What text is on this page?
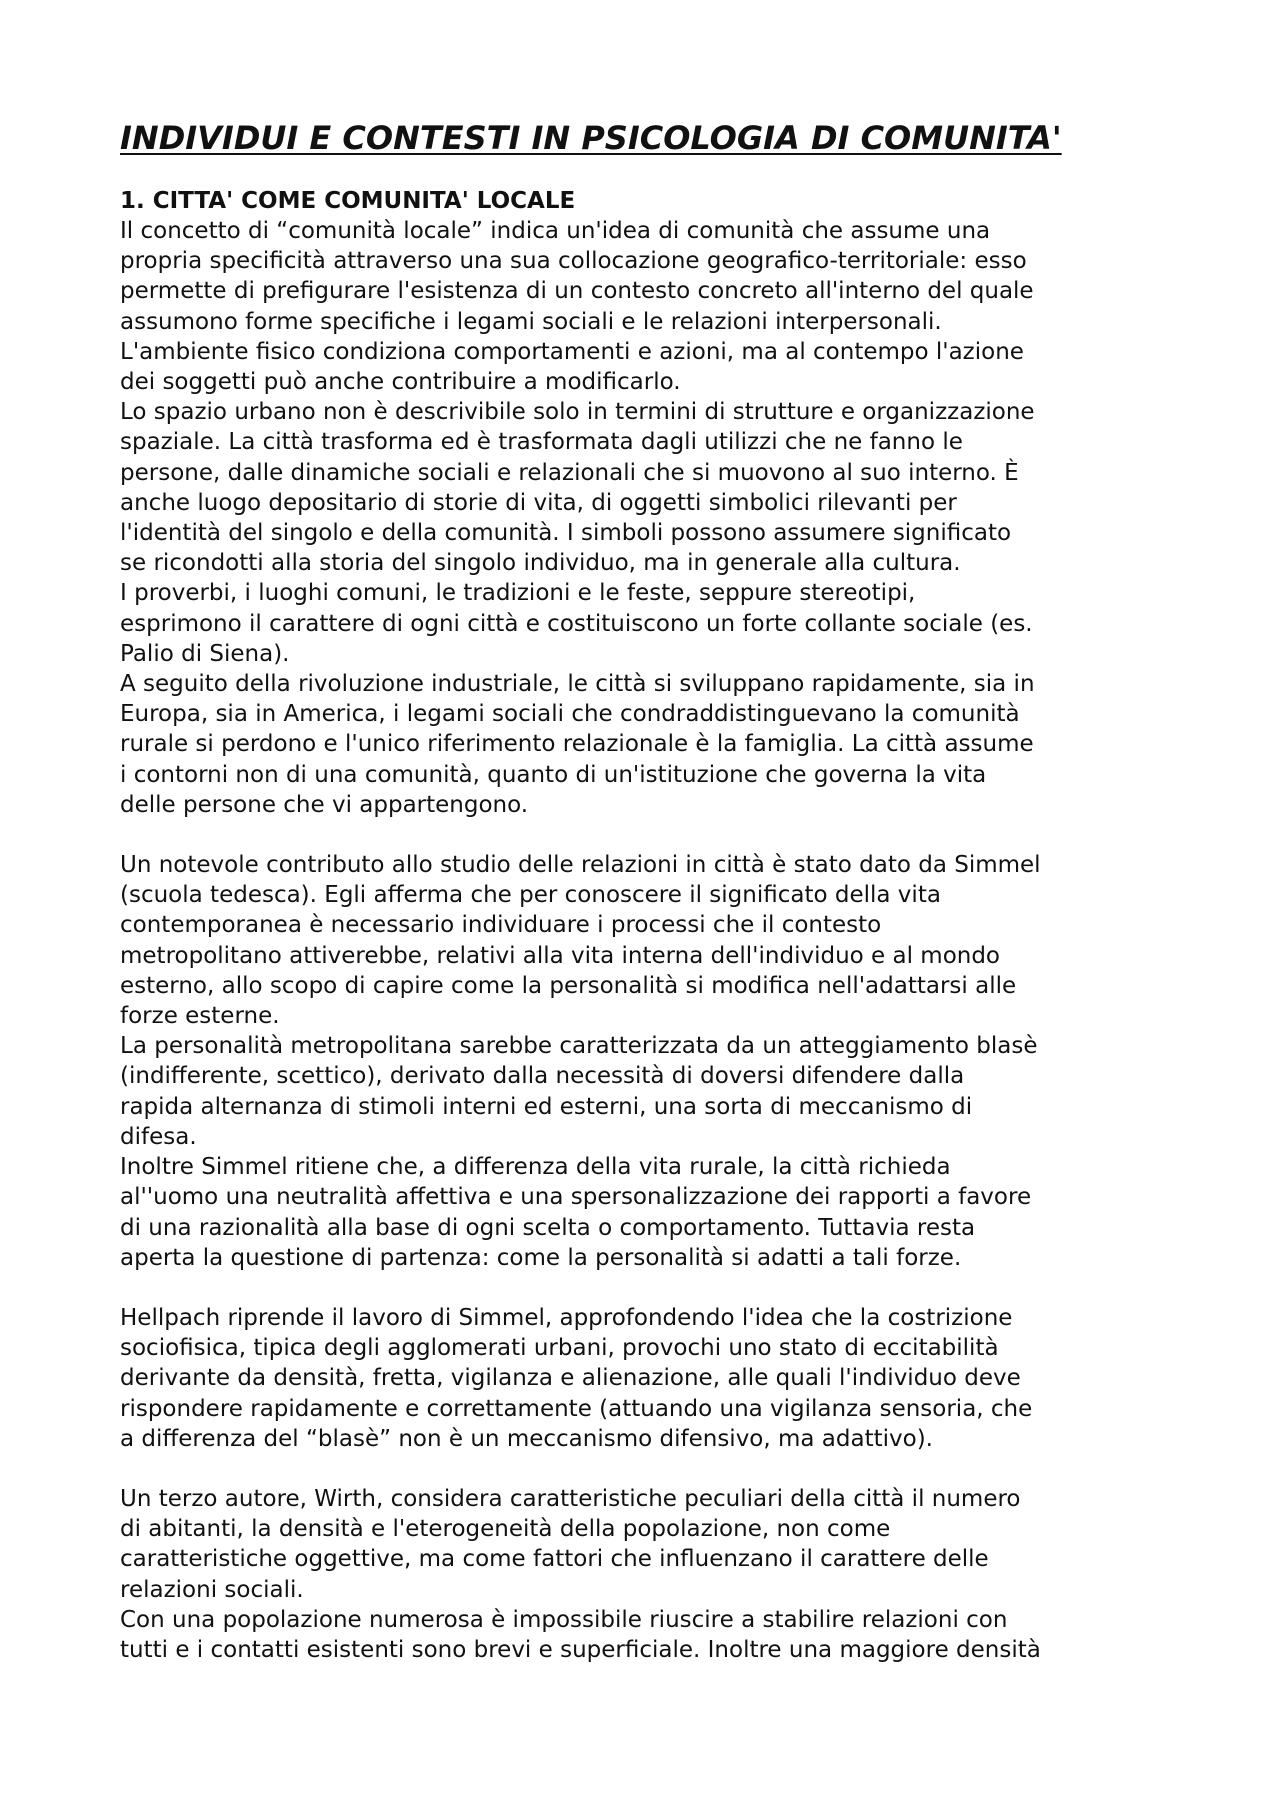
INDIVIDUI E CONTESTI IN PSICOLOGIA DI COMUNITA'
1. CITTA' COME COMUNITA' LOCALE

Il concetto di “comunità locale” indica un'idea di comunità che assume una
propria specificità attraverso una sua collocazione geografico-territoriale: esso
permette di prefigurare l'esistenza di un contesto concreto all'interno del quale
assumono forme specifiche i legami sociali e le relazioni interpersonali.

L'ambiente fisico condiziona comportamenti e azioni, ma al contempo l'azione
dei soggetti può anche contribuire a modificarlo.

Lo spazio urbano non è descrivibile solo in termini di strutture e organizzazione
spaziale. La città trasforma ed è trasformata dagli utilizzi che ne fanno le
persone, dalle dinamiche sociali e relazionali che si muovono al suo interno. È
anche luogo depositario di storie di vita, di oggetti simbolici rilevanti per
l'identità del singolo e della comunità. I simboli possono assumere significato
se ricondotti alla storia del singolo individuo, ma in generale alla cultura.

I proverbi, i luoghi comuni, le tradizioni e le feste, seppure stereotipi,
esprimono il carattere di ogni città e costituiscono un forte collante sociale (es.
Palio di Siena).

A seguito della rivoluzione industriale, le città si sviluppano rapidamente, sia in
Europa, sia in America, i legami sociali che condraddistinguevano la comunità
rurale si perdono e l'unico riferimento relazionale è la famiglia. La città assume
i contorni non di una comunità, quanto di un'istituzione che governa la vita
delle persone che vi appartengono.

Un notevole contributo allo studio delle relazioni in città è stato dato da Simmel
(scuola tedesca). Egli afferma che per conoscere il significato della vita
contemporanea è necessario individuare i processi che il contesto
metropolitano attiverebbe, relativi alla vita interna dell'individuo e al mondo
esterno, allo scopo di capire come la personalità si modifica nell'adattarsi alle
forze esterne.

La personalità metropolitana sarebbe caratterizzata da un atteggiamento blasè
(indifferente, scettico), derivato dalla necessità di doversi difendere dalla
rapida alternanza di stimoli interni ed esterni, una sorta di meccanismo di
difesa.

Inoltre Simmel ritiene che, a differenza della vita rurale, la città richieda
al''uomo una neutralità affettiva e una spersonalizzazione dei rapporti a favore
di una razionalità alla base di ogni scelta o comportamento. Tuttavia resta
aperta la questione di partenza: come la personalità si adatti a tali forze.

Hellpach riprende il lavoro di Simmel, approfondendo l'idea che la costrizione
sociofisica, tipica degli agglomerati urbani, provochi uno stato di eccitabilità
derivante da densità, fretta, vigilanza e alienazione, alle quali l'individuo deve
rispondere rapidamente e correttamente (attuando una vigilanza sensoria, che
a differenza del “blasè” non è un meccanismo difensivo, ma adattivo).

Un terzo autore, Wirth, considera caratteristiche peculiari della città il numero
di abitanti, la densità e l'eterogeneità della popolazione, non come
caratteristiche oggettive, ma come fattori che influenzano il carattere delle
relazioni sociali.

Con una popolazione numerosa è impossibile riuscire a stabilire relazioni con
tutti e i contatti esistenti sono brevi e superficiale. Inoltre una maggiore densità
